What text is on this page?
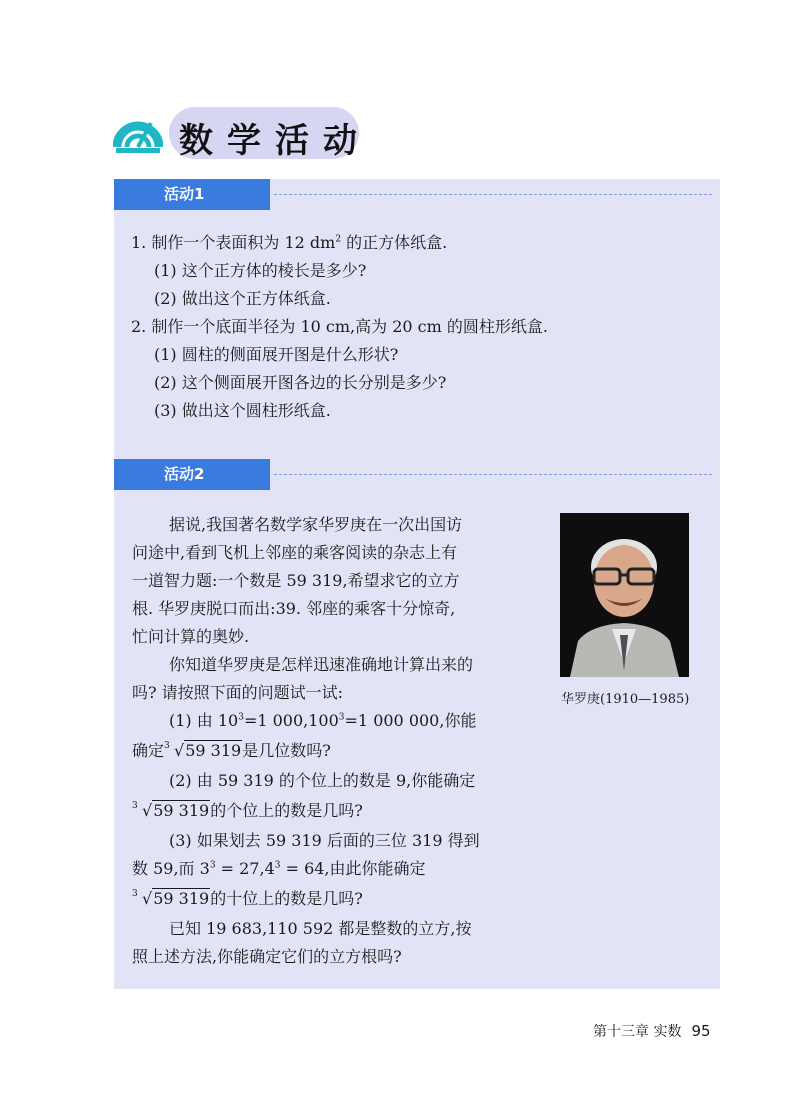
数学活动
活动1
1. 制作一个表面积为 12 $dm^2$ 的正方体纸盒.
(1) 这个正方体的棱长是多少?
(2) 做出这个正方体纸盒.
2. 制作一个底面半径为 10 cm,高为 20 cm 的圆柱形纸盒.
(1) 圆柱的侧面展开图是什么形状?
(2) 这个侧面展开图各边的长分别是多少?
(3) 做出这个圆柱形纸盒.
活动2
据说,我国著名数学家华罗庚在一次出国访
问途中,看到飞机上邻座的乘客阅读的杂志上有
一道智力题:一个数是 59 319,希望求它的立方
根. 华罗庚脱口而出:39. 邻座的乘客十分惊奇,
忙问计算的奥妙.
你知道华罗庚是怎样迅速准确地计算出来的
吗? 请按照下面的问题试一试:
(1) 由 $10^3=1$ $000,100^3=1$ 000 000,你能
确定 3 √59 319是几位数吗?
(2) 由 59 319 的个位上的数是 9,你能确定
3 √59 319的个位上的数是几吗?
(3) 如果划去 59 319 后面的三位 319 得到
数 59,而 $3^3 = 27,4^3 = 64$,由此你能确定
3 √59 319的十位上的数是几吗?
已知 19 683,110 592 都是整数的立方,按
照上述方法,你能确定它们的立方根吗?
华罗庚(1910—1985)
第十三章 实数 95
